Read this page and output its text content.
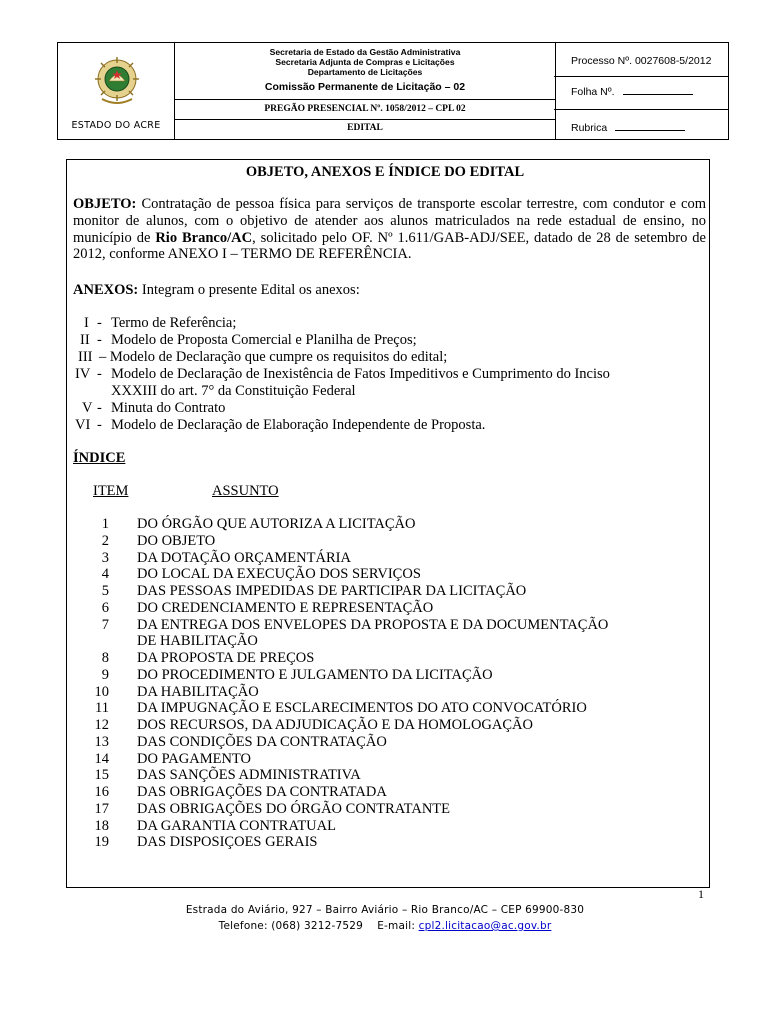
ESTADO DO ACRE
Secretaria de Estado da Gestão Administrativa
Secretaria Adjunta de Compras e Licitações
Departamento de Licitações
Comissão Permanente de Licitação – 02
PREGÃO PRESENCIAL Nº. 1058/2012 – CPL 02
EDITAL
Processo Nº. 0027608-5/2012
Folha Nº.
Rubrica
OBJETO, ANEXOS E ÍNDICE DO EDITAL
OBJETO: Contratação de pessoa física para serviços de transporte escolar terrestre, com condutor e com monitor de alunos, com o objetivo de atender aos alunos matriculados na rede estadual de ensino, no município de Rio Branco/AC, solicitado pelo OF. Nº 1.611/GAB-ADJ/SEE, datado de 28 de setembro de 2012, conforme ANEXO I – TERMO DE REFERÊNCIA.
ANEXOS: Integram o presente Edital os anexos:
I - Termo de Referência;
II - Modelo de Proposta Comercial e Planilha de Preços;
III – Modelo de Declaração que cumpre os requisitos do edital;
IV - Modelo de Declaração de Inexistência de Fatos Impeditivos e Cumprimento do Inciso
XXXIII do art. 7° da Constituição Federal
V - Minuta do Contrato
VI - Modelo de Declaração de Elaboração Independente de Proposta.
ÍNDICE
ITEM	ASSUNTO
1 DO ÓRGÃO QUE AUTORIZA A LICITAÇÃO
2 DO OBJETO
3 DA DOTAÇÃO ORÇAMENTÁRIA
4 DO LOCAL DA EXECUÇÃO DOS SERVIÇOS
5 DAS PESSOAS IMPEDIDAS DE PARTICIPAR DA LICITAÇÃO
6 DO CREDENCIAMENTO E REPRESENTAÇÃO
7 DA ENTREGA DOS ENVELOPES DA PROPOSTA E DA DOCUMENTAÇÃO
DE HABILITAÇÃO
8 DA PROPOSTA DE PREÇOS
9 DO PROCEDIMENTO E JULGAMENTO DA LICITAÇÃO
10 DA HABILITAÇÃO
11 DA IMPUGNAÇÃO E ESCLARECIMENTOS DO ATO CONVOCATÓRIO
12 DOS RECURSOS, DA ADJUDICAÇÃO E DA HOMOLOGAÇÃO
13 DAS CONDIÇÕES DA CONTRATAÇÃO
14 DO PAGAMENTO
15 DAS SANÇÕES ADMINISTRATIVA
16 DAS OBRIGAÇÕES DA CONTRATADA
17 DAS OBRIGAÇÕES DO ÓRGÃO CONTRATANTE
18 DA GARANTIA CONTRATUAL
19 DAS DISPOSIÇOES GERAIS
1
Estrada do Aviário, 927 – Bairro Aviário – Rio Branco/AC – CEP 69900-830
Telefone: (068) 3212-7529 E-mail: cpl2.licitacao@ac.gov.br
